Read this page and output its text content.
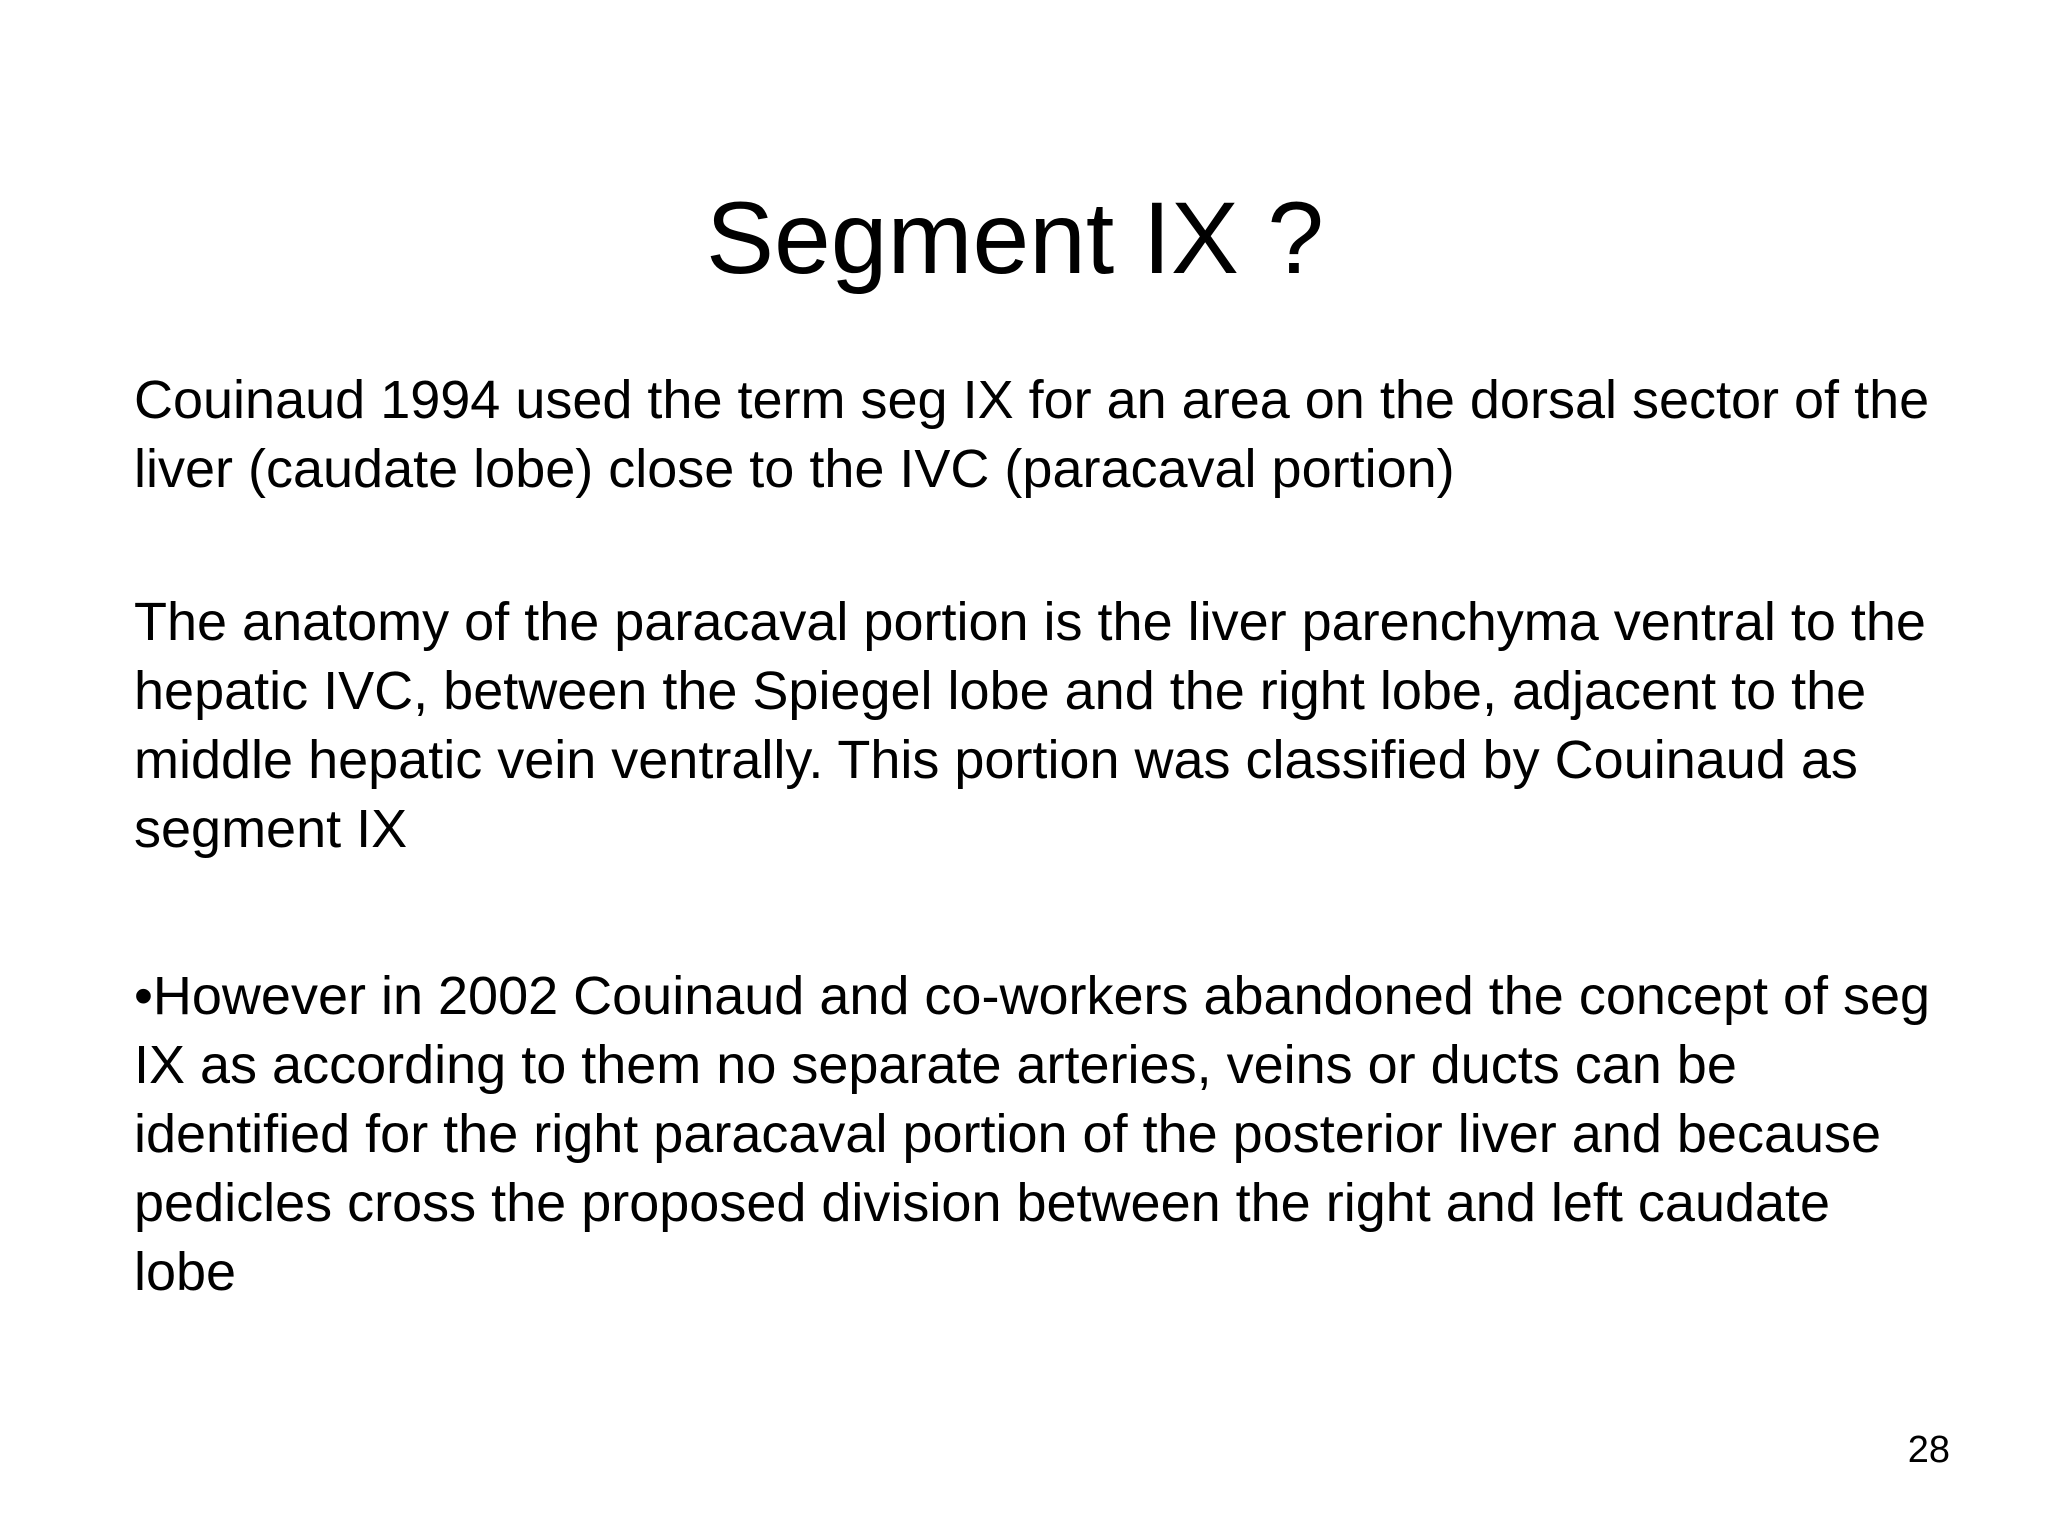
Segment IX ?

Couinaud 1994 used the term seg IX for an area on the dorsal sector of the liver (caudate lobe) close to the IVC (paracaval portion)

The anatomy of the paracaval portion is the liver parenchyma ventral to the hepatic IVC, between the Spiegel lobe and the right lobe, adjacent to the middle hepatic vein ventrally. This portion was classified by Couinaud as segment IX

•However in 2002 Couinaud and co-workers abandoned the concept of seg IX as according to them no separate arteries, veins or ducts can be identified for the right paracaval portion of the posterior liver and because pedicles cross the proposed division between the right and left caudate lobe

28
